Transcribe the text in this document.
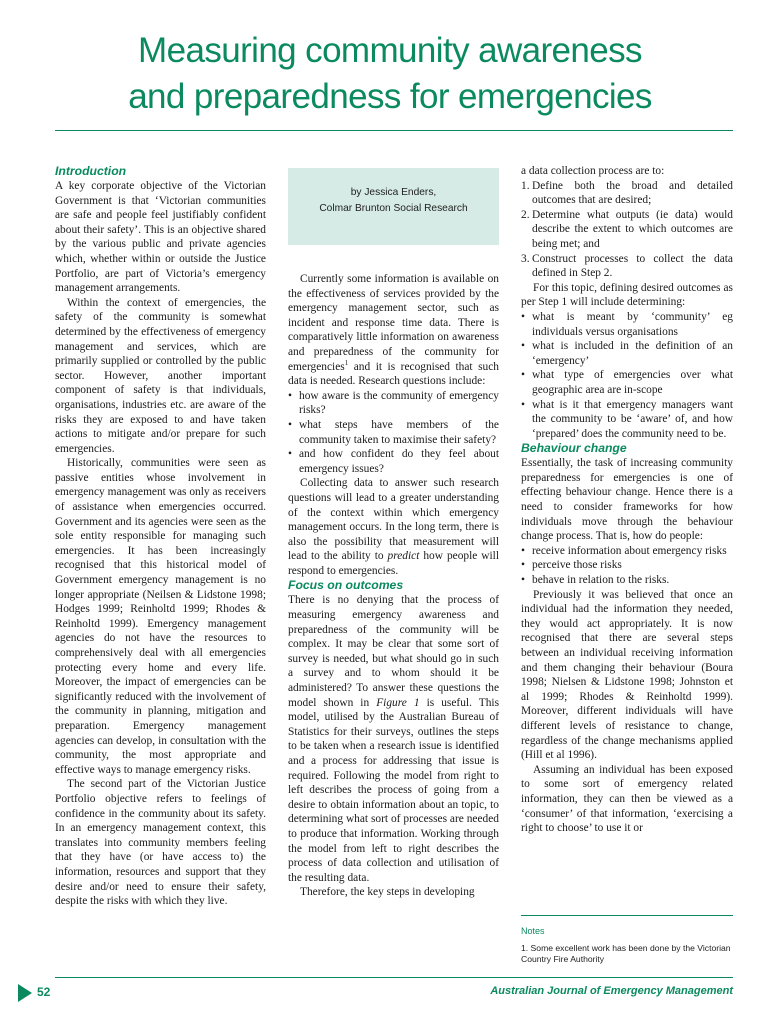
Measuring community awareness
and preparedness for emergencies
Introduction

A key corporate objective of the Victorian Government is that ‘Victorian communities are safe and people feel justifiably confident about their safety’. This is an objective shared by the various public and private agencies which, whether within or outside the Justice Portfolio, are part of Victoria’s emergency management arrangements.

Within the context of emergencies, the safety of the community is somewhat determined by the effectiveness of emergency management and services, which are primarily supplied or controlled by the public sector. However, another important component of safety is that individuals, organisations, industries etc. are aware of the risks they are exposed to and have taken actions to mitigate and/or prepare for such emergencies.

Historically, communities were seen as passive entities whose involvement in emergency management was only as receivers of assistance when emergencies occurred. Government and its agencies were seen as the sole entity responsible for managing such emergencies. It has been increasingly recognised that this historical model of Government emergency management is no longer appropriate (Neilsen & Lidstone 1998; Hodges 1999; Reinholtd 1999; Rhodes & Reinholtd 1999). Emergency management agencies do not have the resources to comprehensively deal with all emergencies protecting every home and every life. Moreover, the impact of emergencies can be significantly reduced with the involvement of the community in planning, mitigation and preparation. Emergency management agencies can develop, in consultation with the community, the most appropriate and effective ways to manage emergency risks.

The second part of the Victorian Justice Portfolio objective refers to feelings of confidence in the community about its safety. In an emergency management context, this translates into community members feeling that they have (or have access to) the information, resources and support that they desire and/or need to ensure their safety, despite the risks with which they live.

by Jessica Enders,
Colmar Brunton Social Research

Currently some information is available on the effectiveness of services provided by the emergency management sector, such as incident and response time data. There is comparatively little information on awareness and preparedness of the community for emergencies$^1$ and it is recognised that such data is needed. Research questions include:

• how aware is the community of emergency risks?
• what steps have members of the community taken to maximise their safety?
• and how confident do they feel about emergency issues?

Collecting data to answer such research questions will lead to a greater understanding of the context within which emergency management occurs. In the long term, there is also the possibility that measurement will lead to the ability to predict how people will respond to emergencies.

Focus on outcomes

There is no denying that the process of measuring emergency awareness and preparedness of the community will be complex. It may be clear that some sort of survey is needed, but what should go in such a survey and to whom should it be administered? To answer these questions the model shown in Figure 1 is useful. This model, utilised by the Australian Bureau of Statistics for their surveys, outlines the steps to be taken when a research issue is identified and a process for addressing that issue is required. Following the model from right to left describes the process of going from a desire to obtain information about an topic, to determining what sort of processes are needed to produce that information. Working through the model from left to right describes the process of data collection and utilisation of the resulting data.

Therefore, the key steps in developing

a data collection process are to:

1. Define both the broad and detailed outcomes that are desired;
2. Determine what outputs (ie data) would describe the extent to which outcomes are being met; and
3. Construct processes to collect the data defined in Step 2.

For this topic, defining desired outcomes as per Step 1 will include determining:

• what is meant by ‘community’ eg individuals versus organisations
• what is included in the definition of an ‘emergency’
• what type of emergencies over what geographic area are in-scope
• what is it that emergency managers want the community to be ‘aware’ of, and how ‘prepared’ does the community need to be.
Behaviour change

Essentially, the task of increasing community preparedness for emergencies is one of effecting behaviour change. Hence there is a need to consider frameworks for how individuals move through the behaviour change process. That is, how do people:

• receive information about emergency risks
• perceive those risks
• behave in relation to the risks.

Previously it was believed that once an individual had the information they needed, they would act appropriately. It is now recognised that there are several steps between an individual receiving information and them changing their behaviour (Boura 1998; Nielsen & Lidstone 1998; Johnston et al 1999; Rhodes & Reinholtd 1999). Moreover, different individuals will have different levels of resistance to change, regardless of the change mechanisms applied (Hill et al 1996).

Assuming an individual has been exposed to some sort of emergency related information, they can then be viewed as a ‘consumer’ of that information, ‘exercising a right to choose’ to use it or

Notes
1. Some excellent work has been done by the Victorian Country Fire Authority
52	Australian Journal of Emergency Management
